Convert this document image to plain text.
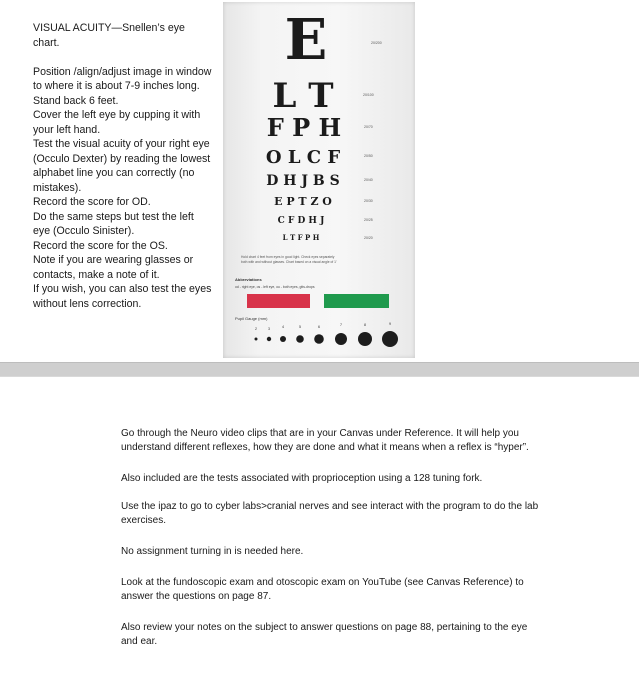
VISUAL ACUITY—Snellen’s eye chart.
Position /align/adjust image in window to where it is about 7-9 inches long.
Stand back 6 feet.
Cover the left eye by cupping it with your left hand.
Test the visual acuity of your right eye (Occulo Dexter) by reading the lowest alphabet line you can correctly (no mistakes).
Record the score for OD.
Do the same steps but test the left eye (Occulo Sinister).
Record the score for the OS.
Note if you are wearing glasses or contacts, make a note of it.
If you wish, you can also test the eyes without lens correction.
E	20/200
L T	20/100
F P H	20/70
O L C F	20/50
D H J B S	20/40
E P T Z O	20/30
C F D H J	20/25
L T F P H	20/20
Hold chart 4 feet from eyes in good light. Check eyes separately
both with and without glasses. Chart based on a visual angle of 1'
Abbreviations
od - right eye, os - left eye, ou - both eyes, gtts-drops
Pupil Gauge (mm)
2	3	4	5	6	7	8	9

Go through the Neuro video clips that are in your Canvas under Reference. It will help you understand different reflexes, how they are done and what it means when a reflex is “hyper”.

Also included are the tests associated with proprioception using a 128 tuning fork.

Use the ipaz to go to cyber labs>cranial nerves and see interact with the program to do the lab exercises.

No assignment turning in is needed here.

Look at the fundoscopic exam and otoscopic exam on YouTube (see Canvas Reference) to answer the questions on page 87.

Also review your notes on the subject to answer questions on page 88, pertaining to the eye and ear.
